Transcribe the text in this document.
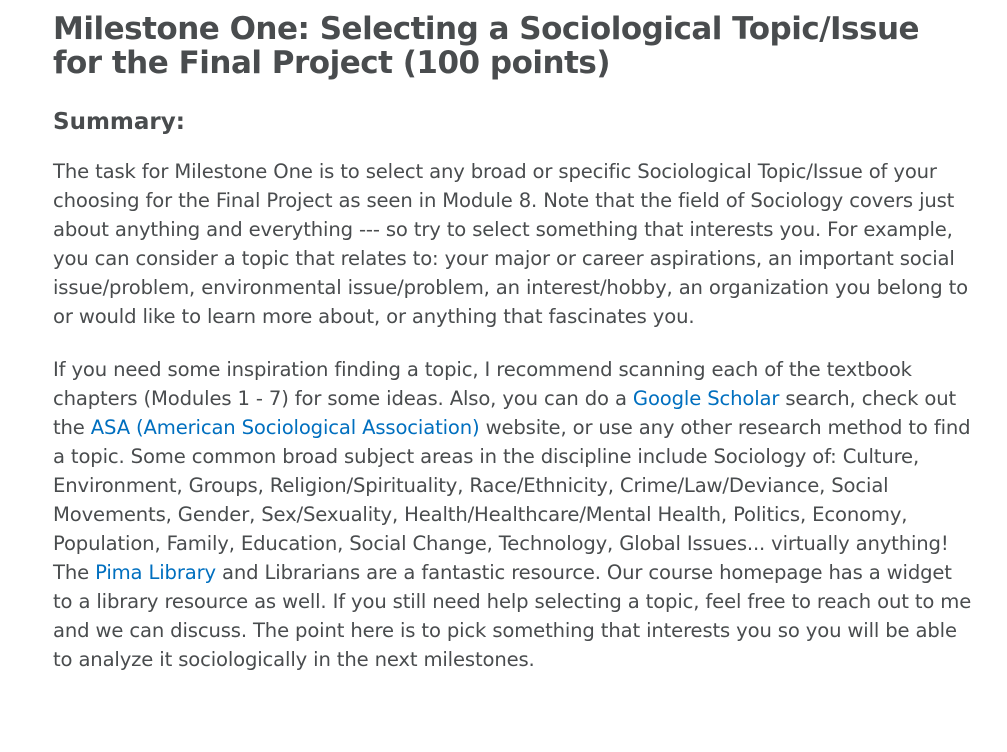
Milestone One: Selecting a Sociological Topic/Issue for the Final Project (100 points)
Summary:

The task for Milestone One is to select any broad or specific Sociological Topic/Issue of your choosing for the Final Project as seen in Module 8. Note that the field of Sociology covers just about anything and everything --- so try to select something that interests you. For example, you can consider a topic that relates to: your major or career aspirations, an important social issue/problem, environmental issue/problem, an interest/hobby, an organization you belong to or would like to learn more about, or anything that fascinates you.

If you need some inspiration finding a topic, I recommend scanning each of the textbook chapters (Modules 1 - 7) for some ideas. Also, you can do a Google Scholar search, check out the ASA (American Sociological Association) website, or use any other research method to find a topic. Some common broad subject areas in the discipline include Sociology of: Culture, Environment, Groups, Religion/Spirituality, Race/Ethnicity, Crime/Law/Deviance, Social Movements, Gender, Sex/Sexuality, Health/Healthcare/Mental Health, Politics, Economy, Population, Family, Education, Social Change, Technology, Global Issues... virtually anything! The Pima Library and Librarians are a fantastic resource. Our course homepage has a widget to a library resource as well. If you still need help selecting a topic, feel free to reach out to me and we can discuss. The point here is to pick something that interests you so you will be able to analyze it sociologically in the next milestones.
